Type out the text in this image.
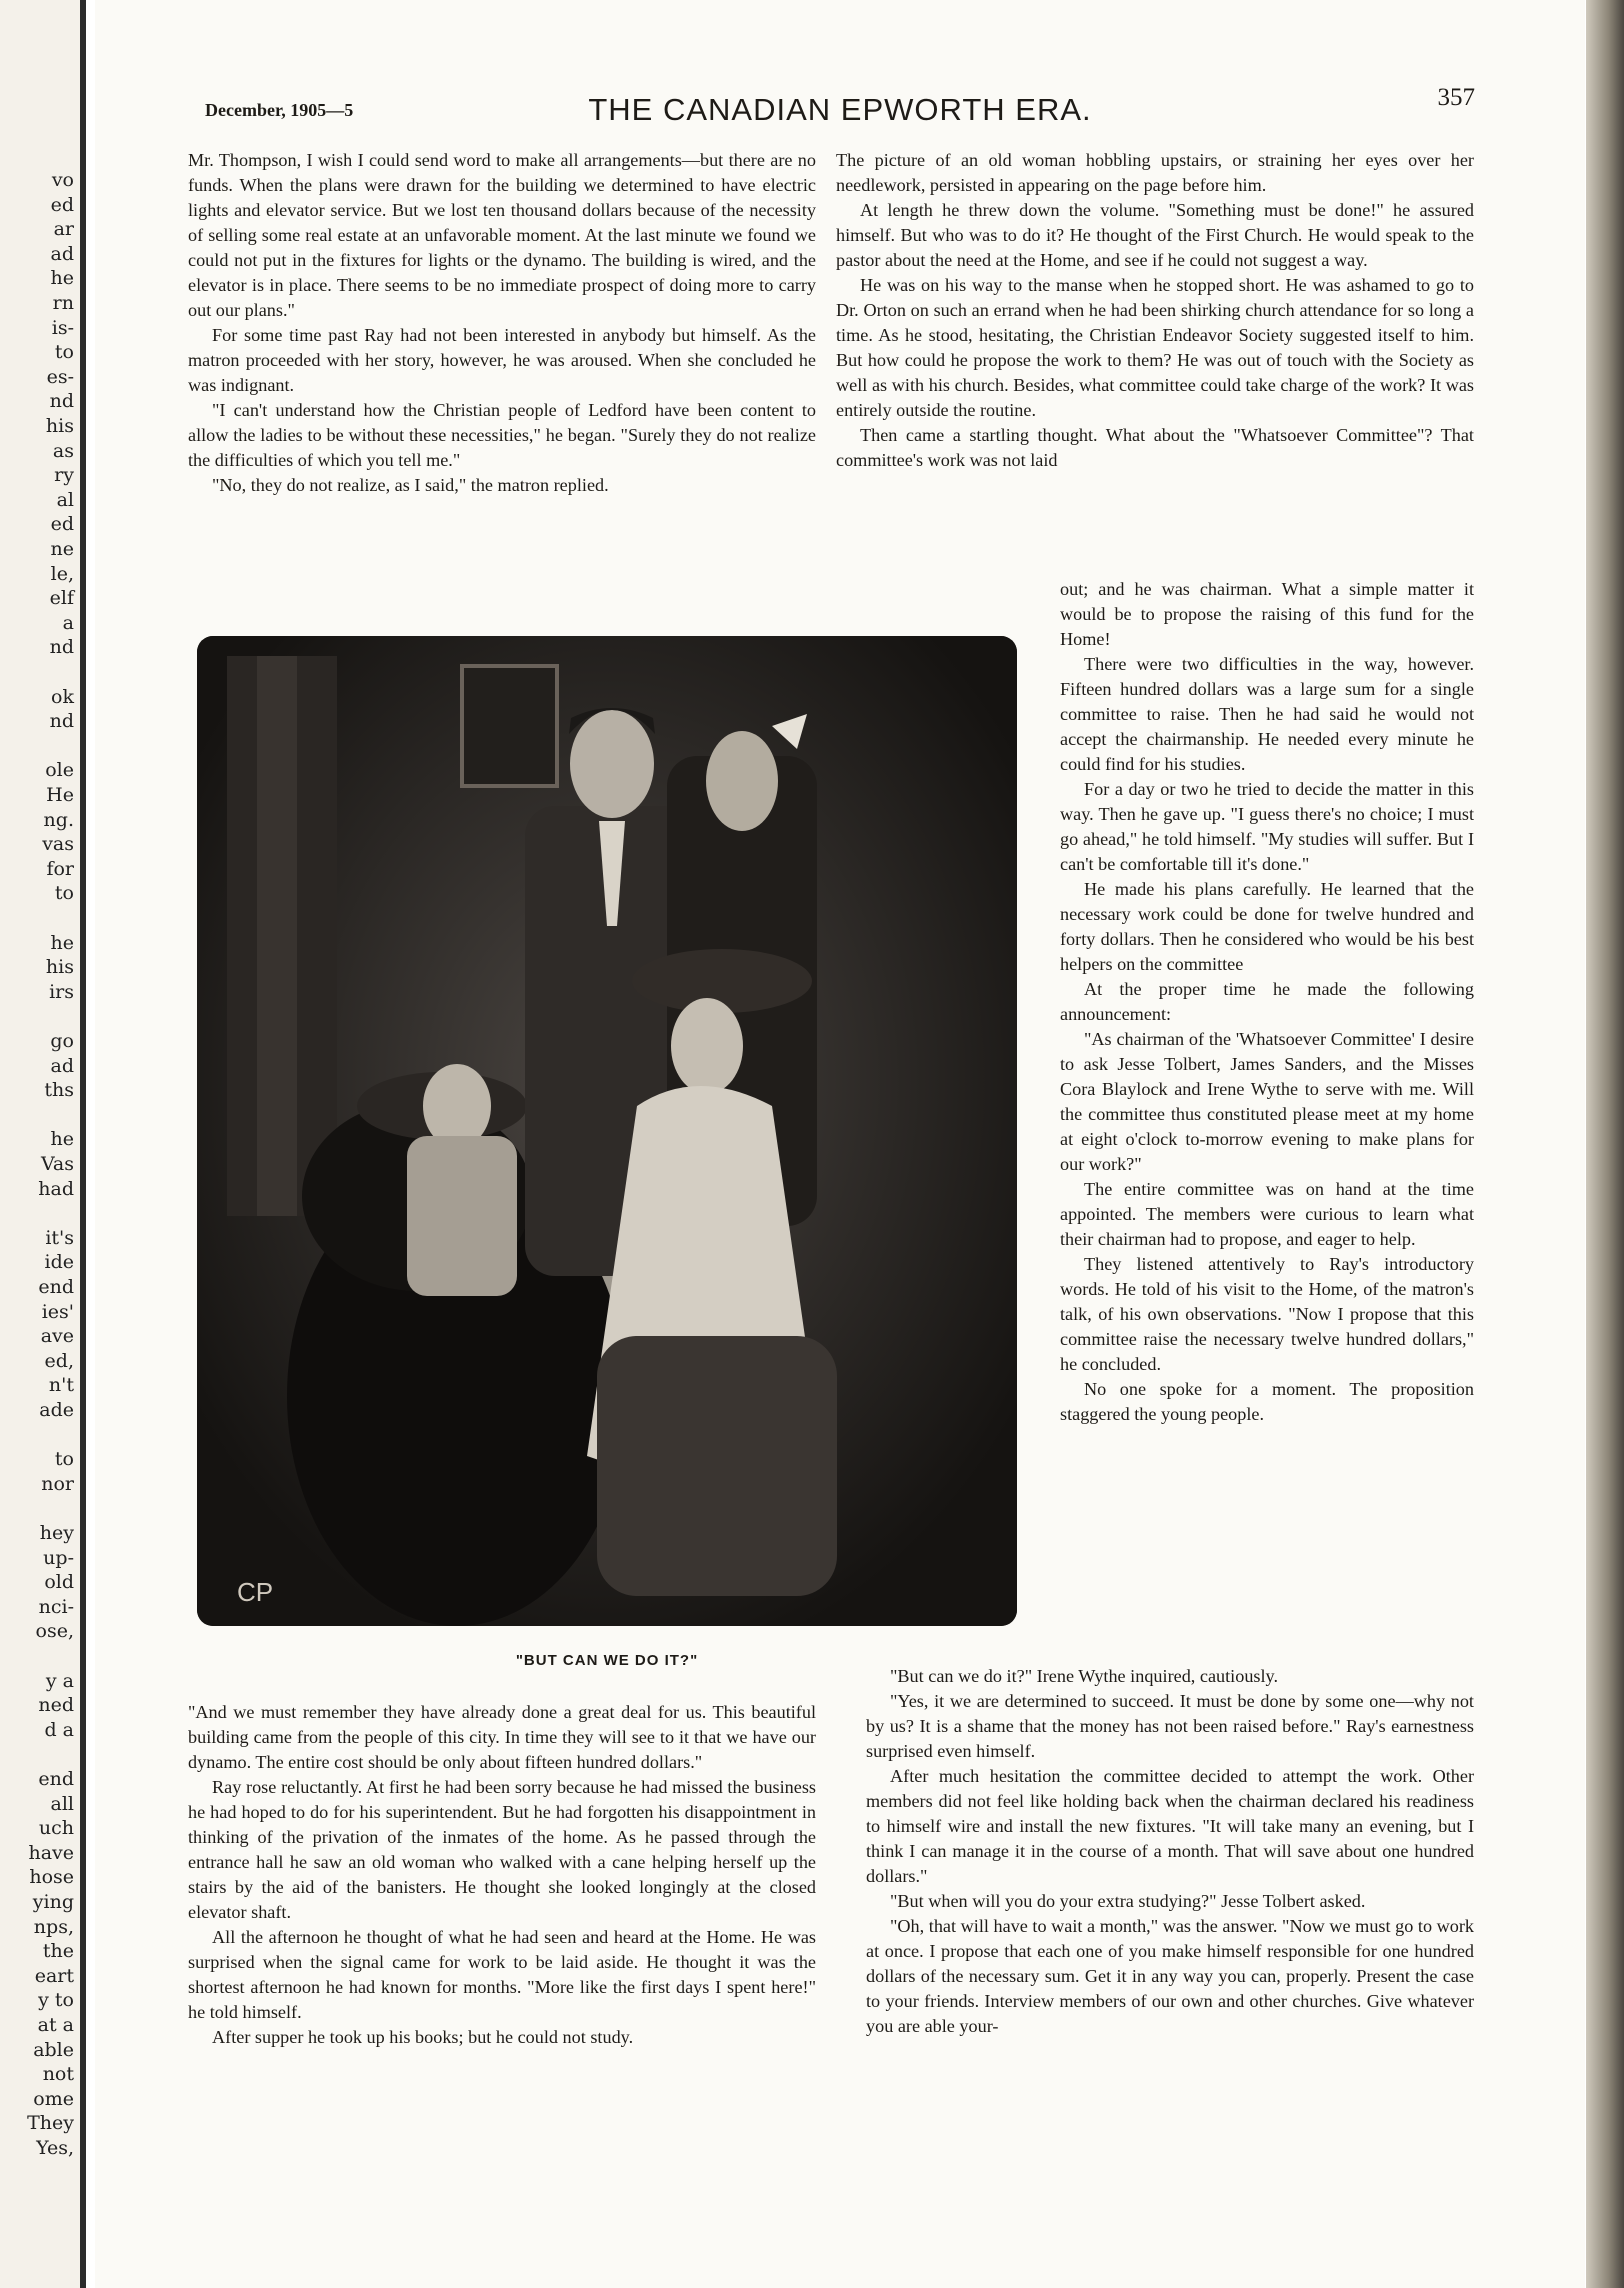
vo
ed
ar
ad
he
rn
is-
to
es-
nd
his
as
ry
al
ed
ne
le,
elf
a
nd
ok
nd
ole
He
ng.
vas
for
to
he
his
irs
go
ad
ths
he
Vas
had
it's
ide
end
ies'
ave
ed,
n't
ade
to
nor
hey
up-
old
nci-
ose,
y a
ned
d a
end
all
uch
have
hose
ying
nps,
the
eart
y to
at a
able
not
ome
They
Yes,
December, 1905—5	THE CANADIAN EPWORTH ERA.	357

Mr. Thompson, I wish I could send word to make all arrangements—but there are no funds. When the plans were drawn for the building we determined to have electric lights and elevator service. But we lost ten thousand dollars because of the necessity of selling some real estate at an unfavorable moment. At the last minute we found we could not put in the fixtures for lights or the dynamo. The building is wired, and the elevator is in place. There seems to be no immediate prospect of doing more to carry out our plans."

For some time past Ray had not been interested in anybody but himself. As the matron proceeded with her story, however, he was aroused. When she concluded he was indignant.

"I can't understand how the Christian people of Ledford have been content to allow the ladies to be without these necessities," he began. "Surely they do not realize the difficulties of which you tell me."

"No, they do not realize, as I said," the matron replied.

The picture of an old woman hobbling upstairs, or straining her eyes over her needlework, persisted in appearing on the page before him.

At length he threw down the volume. "Something must be done!" he assured himself. But who was to do it? He thought of the First Church. He would speak to the pastor about the need at the Home, and see if he could not suggest a way.

He was on his way to the manse when he stopped short. He was ashamed to go to Dr. Orton on such an errand when he had been shirking church attendance for so long a time. As he stood, hesitating, the Christian Endeavor Society suggested itself to him. But how could he propose the work to them? He was out of touch with the Society as well as with his church. Besides, what committee could take charge of the work? It was entirely outside the routine.

Then came a startling thought. What about the "Whatsoever Committee"? That committee's work was not laid

CP

out; and he was chairman. What a simple matter it would be to propose the raising of this fund for the Home!

There were two difficulties in the way, however. Fifteen hundred dollars was a large sum for a single committee to raise. Then he had said he would not accept the chairmanship. He needed every minute he could find for his studies.

For a day or two he tried to decide the matter in this way. Then he gave up. "I guess there's no choice; I must go ahead," he told himself. "My studies will suffer. But I can't be comfortable till it's done."

He made his plans carefully. He learned that the necessary work could be done for twelve hundred and forty dollars. Then he considered who would be his best helpers on the committee

At the proper time he made the following announcement:

"As chairman of the 'Whatsoever Committee' I desire to ask Jesse Tolbert, James Sanders, and the Misses Cora Blaylock and Irene Wythe to serve with me. Will the committee thus constituted please meet at my home at eight o'clock to-morrow evening to make plans for our work?"

The entire committee was on hand at the time appointed. The members were curious to learn what their chairman had to propose, and eager to help.

They listened attentively to Ray's introductory words. He told of his visit to the Home, of the matron's talk, of his own observations. "Now I propose that this committee raise the necessary twelve hundred dollars," he concluded.

No one spoke for a moment. The proposition staggered the young people.

"BUT CAN WE DO IT?"

"And we must remember they have already done a great deal for us. This beautiful building came from the people of this city. In time they will see to it that we have our dynamo. The entire cost should be only about fifteen hundred dollars."

Ray rose reluctantly. At first he had been sorry because he had missed the business he had hoped to do for his superintendent. But he had forgotten his disappointment in thinking of the privation of the inmates of the home. As he passed through the entrance hall he saw an old woman who walked with a cane helping herself up the stairs by the aid of the banisters. He thought she looked longingly at the closed elevator shaft.

All the afternoon he thought of what he had seen and heard at the Home. He was surprised when the signal came for work to be laid aside. He thought it was the shortest afternoon he had known for months. "More like the first days I spent here!" he told himself.

After supper he took up his books; but he could not study.

"But can we do it?" Irene Wythe inquired, cautiously.

"Yes, it we are determined to succeed. It must be done by some one—why not by us? It is a shame that the money has not been raised before." Ray's earnestness surprised even himself.

After much hesitation the committee decided to attempt the work. Other members did not feel like holding back when the chairman declared his readiness to himself wire and install the new fixtures. "It will take many an evening, but I think I can manage it in the course of a month. That will save about one hundred dollars."

"But when will you do your extra studying?" Jesse Tolbert asked.

"Oh, that will have to wait a month," was the answer. "Now we must go to work at once. I propose that each one of you make himself responsible for one hundred dollars of the necessary sum. Get it in any way you can, properly. Present the case to your friends. Interview members of our own and other churches. Give whatever you are able your-
